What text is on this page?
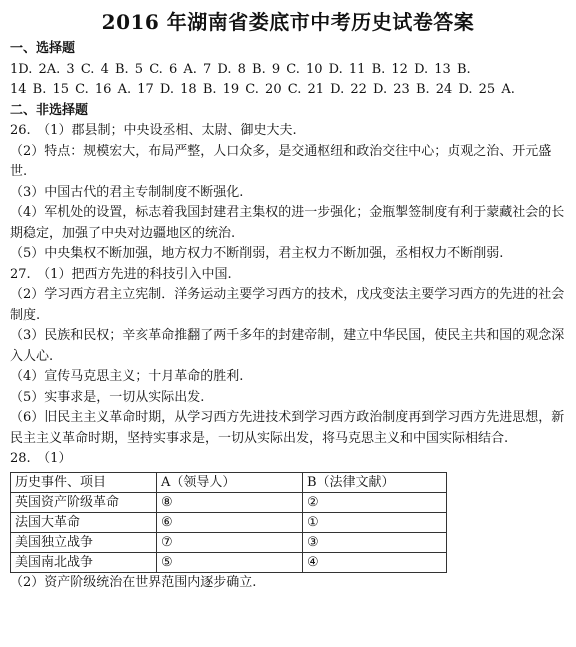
2016 年湖南省娄底市中考历史试卷答案
一、选择题
1D. 2A. 3 C. 4 B. 5 C. 6 A. 7 D. 8 B. 9 C. 10 D. 11 B. 12 D. 13 B.
14 B. 15 C. 16 A. 17 D. 18 B. 19 C. 20 C. 21 D. 22 D. 23 B. 24 D. 25 A.
二、非选择题
26.　（1）郡县制；中央设丞相、太尉、御史大夫.
（2）特点：规模宏大，布局严整，人口众多，是交通枢纽和政治交往中心；贞观之治、开元盛世.
（3）中国古代的君主专制制度不断强化.
（4）军机处的设置，标志着我国封建君主集权的进一步强化；金瓶掣签制度有利于蒙藏社会的长期稳定，加强了中央对边疆地区的统治.
（5）中央集权不断加强，地方权力不断削弱，君主权力不断加强，丞相权力不断削弱.
27.　（1）把西方先进的科技引入中国.
（2）学习西方君主立宪制．洋务运动主要学习西方的技术，戊戌变法主要学习西方的先进的社会制度.
（3）民族和民权；辛亥革命推翻了两千多年的封建帝制，建立中华民国，使民主共和国的观念深入人心.
（4）宣传马克思主义；十月革命的胜利.
（5）实事求是，一切从实际出发.
（6）旧民主主义革命时期，从学习西方先进技术到学习西方政治制度再到学习西方先进思想，新民主主义革命时期，坚持实事求是，一切从实际出发，将马克思主义和中国实际相结合.
28.　（1）
历史事件、项目	A（领导人）	B（法律文献）
英国资产阶级革命	⑧	②
法国大革命	⑥	①
美国独立战争	⑦	③
美国南北战争	⑤	④
（2）资产阶级统治在世界范围内逐步确立.
